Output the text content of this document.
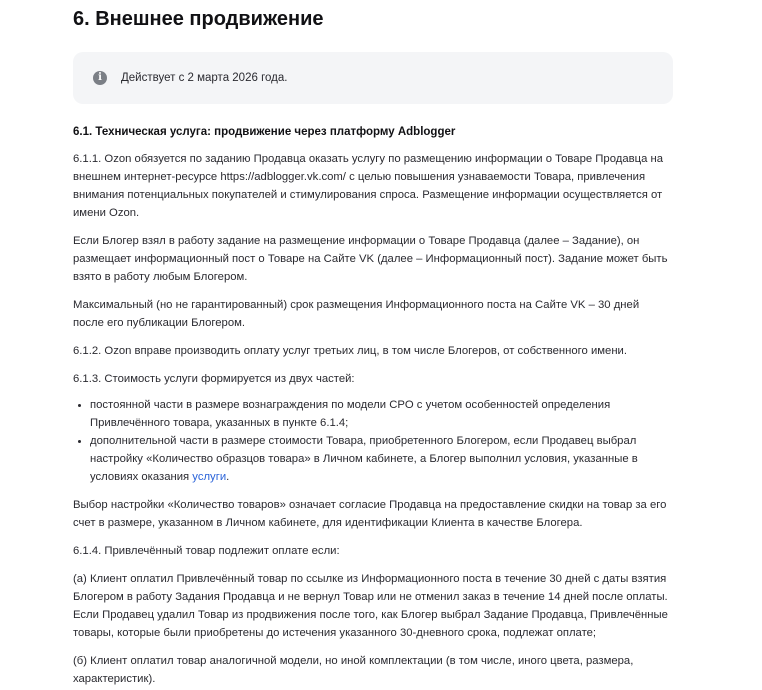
6. Внешнее продвижение
i	Действует с 2 марта 2026 года.
6.1. Техническая услуга: продвижение через платформу Adblogger

6.1.1. Ozon обязуется по заданию Продавца оказать услугу по размещению информации о Товаре Продавца на внешнем интернет-ресурсе https://adblogger.vk.com/ с целью повышения узнаваемости Товара, привлечения внимания потенциальных покупателей и стимулирования спроса. Размещение информации осуществляется от имени Ozon.

Если Блогер взял в работу задание на размещение информации о Товаре Продавца (далее – Задание), он размещает информационный пост о Товаре на Сайте VK (далее – Информационный пост). Задание может быть взято в работу любым Блогером.

Максимальный (но не гарантированный) срок размещения Информационного поста на Сайте VK – 30 дней после его публикации Блогером.

6.1.2. Ozon вправе производить оплату услуг третьих лиц, в том числе Блогеров, от собственного имени.

6.1.3. Стоимость услуги формируется из двух частей:

• постоянной части в размере вознаграждения по модели CPO с учетом особенностей определения Привлечённого товара, указанных в пункте 6.1.4;
• дополнительной части в размере стоимости Товара, приобретенного Блогером, если Продавец выбрал настройку «Количество образцов товара» в Личном кабинете, а Блогер выполнил условия, указанные в условиях оказания услуги.

Выбор настройки «Количество товаров» означает согласие Продавца на предоставление скидки на товар за его счет в размере, указанном в Личном кабинете, для идентификации Клиента в качестве Блогера.

6.1.4. Привлечённый товар подлежит оплате если:

(а) Клиент оплатил Привлечённый товар по ссылке из Информационного поста в течение 30 дней с даты взятия Блогером в работу Задания Продавца и не вернул Товар или не отменил заказ в течение 14 дней после оплаты. Если Продавец удалил Товар из продвижения после того, как Блогер выбрал Задание Продавца, Привлечённые товары, которые были приобретены до истечения указанного 30-дневного срока, подлежат оплате;

(б) Клиент оплатил товар аналогичной модели, но иной комплектации (в том числе, иного цвета, размера, характеристик).
